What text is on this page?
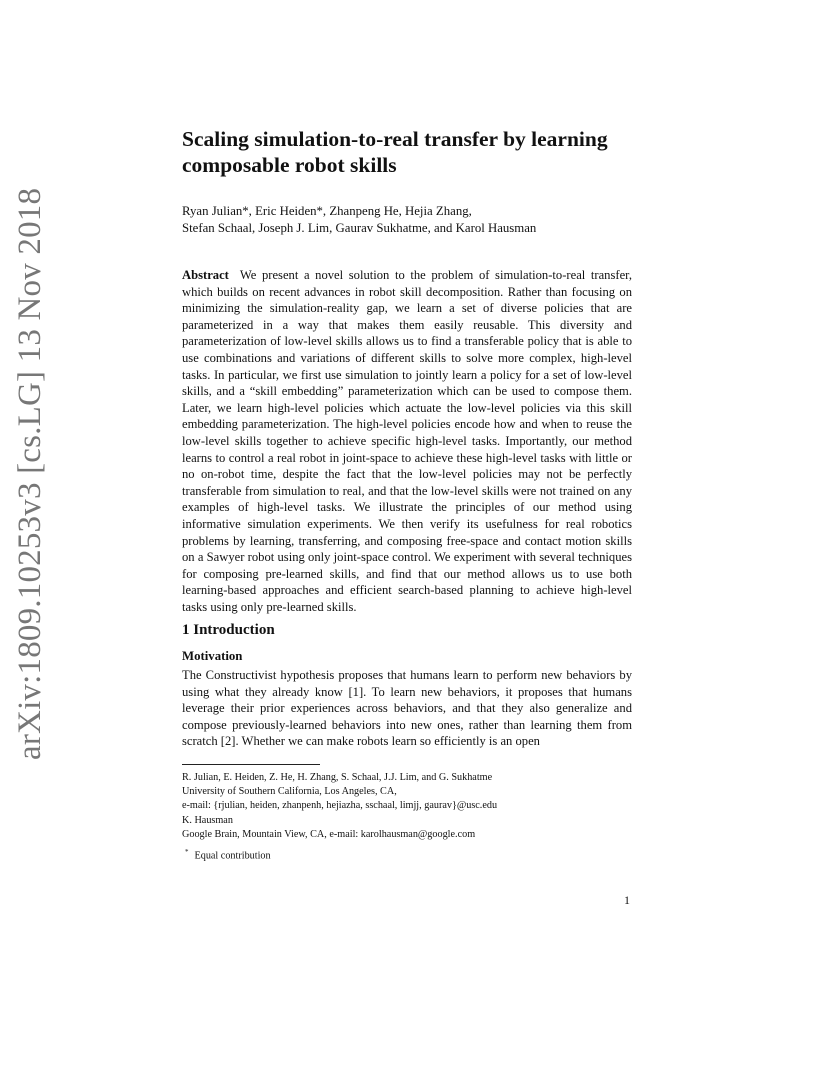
arXiv:1809.10253v3 [cs.LG] 13 Nov 2018
Scaling simulation-to-real transfer by learning
composable robot skills
Ryan Julian*, Eric Heiden*, Zhanpeng He, Hejia Zhang,
Stefan Schaal, Joseph J. Lim, Gaurav Sukhatme, and Karol Hausman
Abstract We present a novel solution to the problem of simulation-to-real transfer, which builds on recent advances in robot skill decomposition. Rather than focusing on minimizing the simulation-reality gap, we learn a set of diverse policies that are parameterized in a way that makes them easily reusable. This diversity and parameterization of low-level skills allows us to find a transferable policy that is able to use combinations and variations of different skills to solve more complex, high-level tasks. In particular, we first use simulation to jointly learn a policy for a set of low-level skills, and a “skill embedding” parameterization which can be used to compose them. Later, we learn high-level policies which actuate the low-level policies via this skill embedding parameterization. The high-level policies encode how and when to reuse the low-level skills together to achieve specific high-level tasks. Importantly, our method learns to control a real robot in joint-space to achieve these high-level tasks with little or no on-robot time, despite the fact that the low-level policies may not be perfectly transferable from simulation to real, and that the low-level skills were not trained on any examples of high-level tasks. We illustrate the principles of our method using informative simulation experiments. We then verify its usefulness for real robotics problems by learning, transferring, and composing free-space and contact motion skills on a Sawyer robot using only joint-space control. We experiment with several techniques for composing pre-learned skills, and find that our method allows us to use both learning-based approaches and efficient search-based planning to achieve high-level tasks using only pre-learned skills.
1 Introduction
Motivation
The Constructivist hypothesis proposes that humans learn to perform new behaviors by using what they already know [1]. To learn new behaviors, it proposes that humans leverage their prior experiences across behaviors, and that they also generalize and compose previously-learned behaviors into new ones, rather than learning them from scratch [2]. Whether we can make robots learn so efficiently is an open
R. Julian, E. Heiden, Z. He, H. Zhang, S. Schaal, J.J. Lim, and G. Sukhatme
University of Southern California, Los Angeles, CA,
e-mail: {rjulian, heiden, zhanpenh, hejiazha, sschaal, limjj, gaurav}@usc.edu
K. Hausman
Google Brain, Mountain View, CA, e-mail: karolhausman@google.com
* Equal contribution
1
